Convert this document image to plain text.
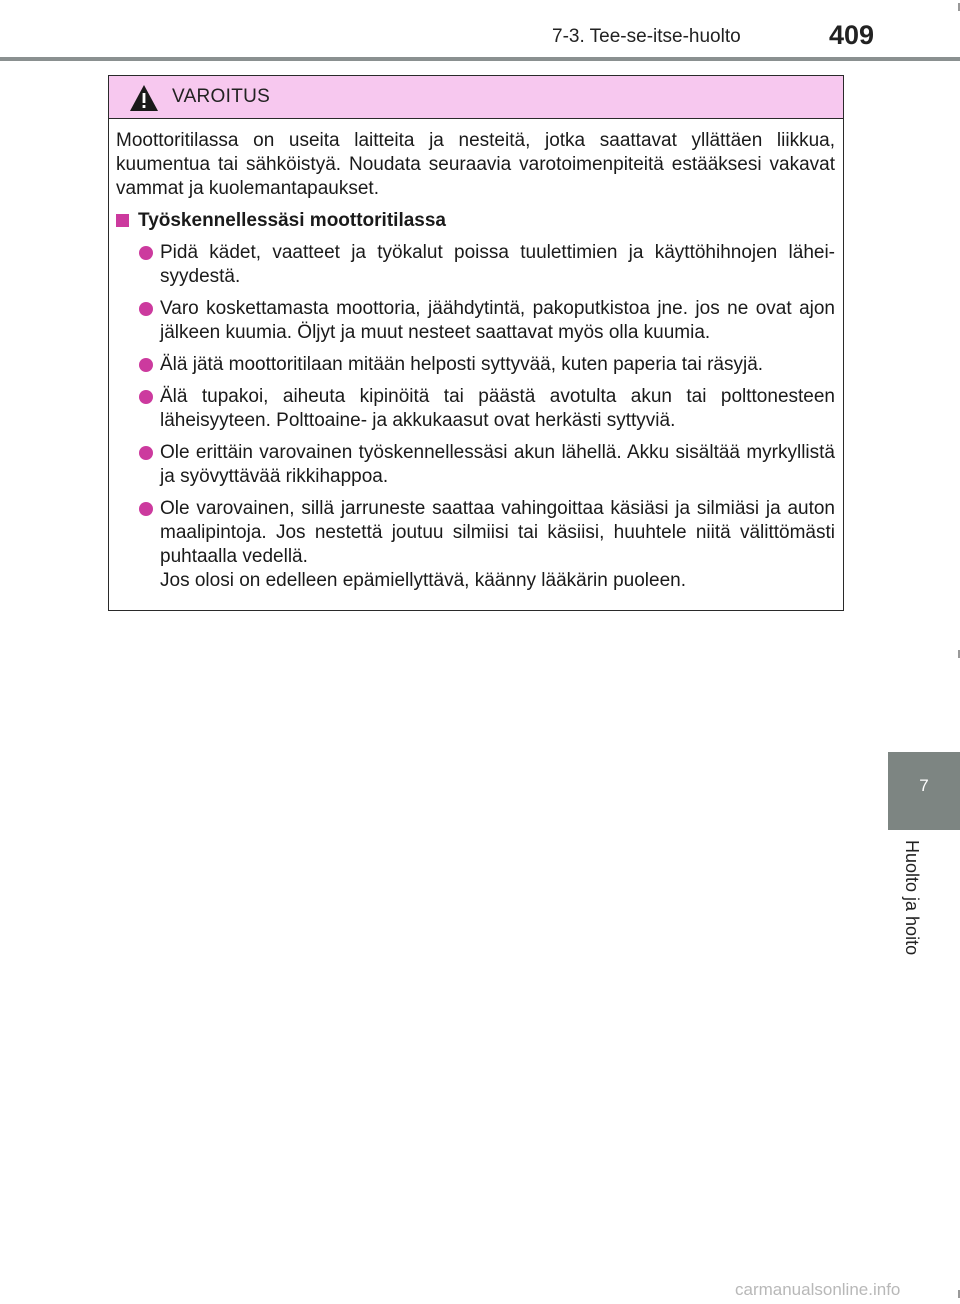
7-3. Tee-se-itse-huolto	409
VAROITUS

Moottoritilassa on useita laitteita ja nesteitä, jotka saattavat yllättäen liikkua, kuumentua tai sähköistyä. Noudata seuraavia varotoimenpiteitä estääksesi vakavat vammat ja kuolemantapaukset.

Työskennellessäsi moottoritilassa
Pidä kädet, vaatteet ja työkalut poissa tuulettimien ja käyttöhihnojen lähei-syydestä.
Varo koskettamasta moottoria, jäähdytintä, pakoputkistoa jne. jos ne ovat ajon jälkeen kuumia. Öljyt ja muut nesteet saattavat myös olla kuumia.
Älä jätä moottoritilaan mitään helposti syttyvää, kuten paperia tai räsyjä.
Älä tupakoi, aiheuta kipinöitä tai päästä avotulta akun tai polttonesteen läheisyyteen. Polttoaine- ja akkukaasut ovat herkästi syttyviä.
Ole erittäin varovainen työskennellessäsi akun lähellä. Akku sisältää myrkyllistä ja syövyttävää rikkihappoa.
Ole varovainen, sillä jarruneste saattaa vahingoittaa käsiäsi ja silmiäsi ja auton maalipintoja. Jos nestettä joutuu silmiisi tai käsiisi, huuhtele niitä välittömästi puhtaalla vedellä.
Jos olosi on edelleen epämiellyttävä, käänny lääkärin puoleen.
7
Huolto ja hoito
carmanualsonline.info
